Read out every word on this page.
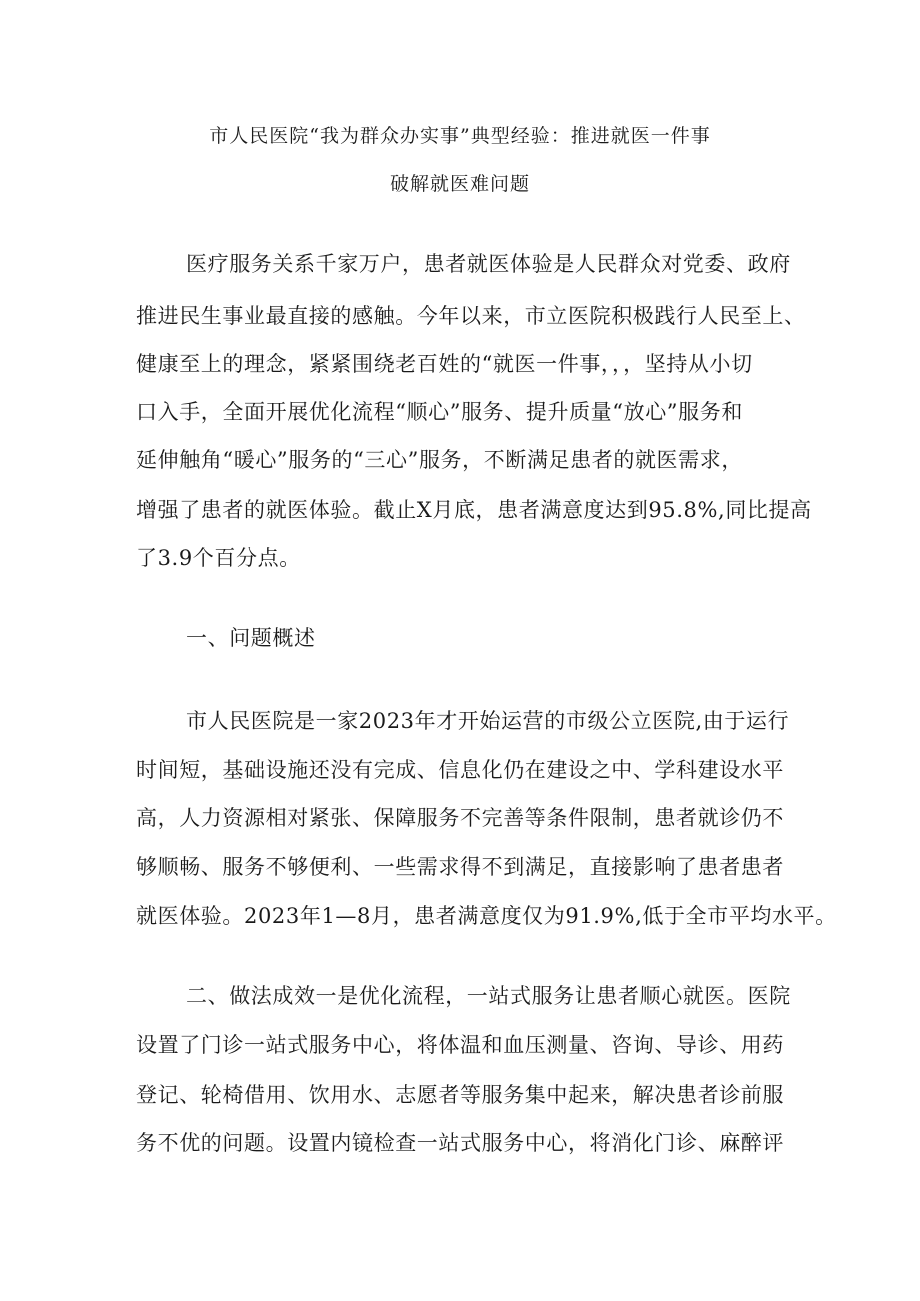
市人民医院“我为群众办实事”典型经验：推进就医一件事
破解就医难问题
医疗服务关系千家万户，患者就医体验是人民群众对党委、政府
推进民生事业最直接的感触。今年以来，市立医院积极践行人民至上、
健康至上的理念，紧紧围绕老百姓的“就医一件事，，，坚持从小切
口入手，全面开展优化流程“顺心”服务、提升质量“放心”服务和
延伸触角“暖心”服务的“三心”服务，不断满足患者的就医需求，
增强了患者的就医体验。截止X月底，患者满意度达到95.8%,同比提高
了3.9个百分点。
一、问题概述
市人民医院是一家2023年才开始运营的市级公立医院,由于运行
时间短，基础设施还没有完成、信息化仍在建设之中、学科建设水平
高，人力资源相对紧张、保障服务不完善等条件限制，患者就诊仍不
够顺畅、服务不够便利、一些需求得不到满足，直接影响了患者患者
就医体验。2023年1—8月，患者满意度仅为91.9%,低于全市平均水平。
二、做法成效一是优化流程，一站式服务让患者顺心就医。医院
设置了门诊一站式服务中心，将体温和血压测量、咨询、导诊、用药
登记、轮椅借用、饮用水、志愿者等服务集中起来，解决患者诊前服
务不优的问题。设置内镜检查一站式服务中心，将消化门诊、麻醉评
